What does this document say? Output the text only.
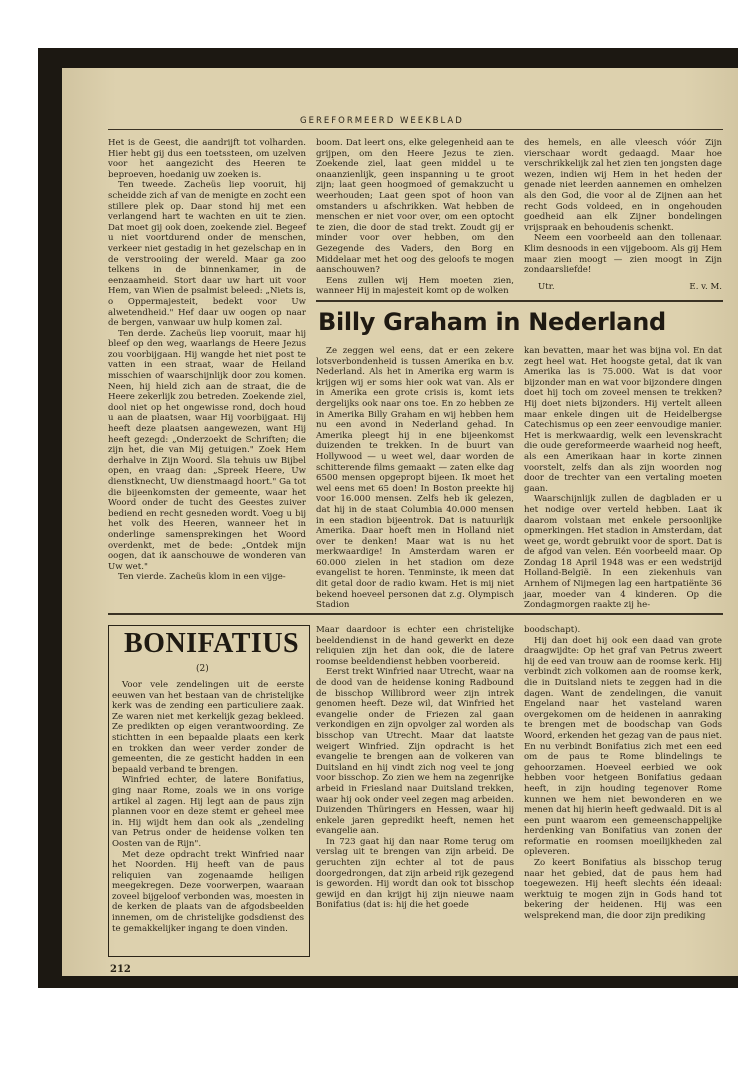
GEREFORMEERD WEEKBLAD

Het is de Geest, die aandrijft tot volharden. Hier hebt gij dus een toetssteen, om uzelven voor het aangezicht des Heeren te beproeven, hoedanig uw zoeken is.

Ten tweede. Zacheüs liep vooruit, hij scheidde zich af van de menigte en zocht een stillere plek op. Daar stond hij met een verlangend hart te wachten en uit te zien. Dat moet gij ook doen, zoekende ziel. Begeef u niet voortdurend onder de menschen, verkeer niet gestadig in het gezelschap en in de verstrooiing der wereld. Maar ga zoo telkens in de binnenkamer, in de eenzaamheid. Stort daar uw hart uit voor Hem, van Wien de psalmist beleed: „Niets is, o Oppermajesteit, bedekt voor Uw alwetendheid." Hef daar uw oogen op naar de bergen, vanwaar uw hulp komen zal.

Ten derde. Zacheüs liep vooruit, maar hij bleef op den weg, waarlangs de Heere Jezus zou voorbijgaan. Hij wangde het niet post te vatten in een straat, waar de Heiland misschien of waarschijnlijk door zou komen. Neen, hij hield zich aan de straat, die de Heere zekerlijk zou betreden. Zoekende ziel, dool niet op het ongewisse rond, doch houd u aan de plaatsen, waar Hij voorbijgaat. Hij heeft deze plaatsen aangewezen, want Hij heeft gezegd: „Onderzoekt de Schriften; die zijn het, die van Mij getuigen." Zoek Hem derhalve in Zijn Woord. Sla tehuis uw Bijbel open, en vraag dan: „Spreek Heere, Uw dienstknecht, Uw dienstmaagd hoort." Ga tot die bijeenkomsten der gemeente, waar het Woord onder de tucht des Geestes zuiver bediend en recht gesneden wordt. Voeg u bij het volk des Heeren, wanneer het in onderlinge samensprekingen het Woord overdenkt, met de bede: „Ontdek mijn oogen, dat ik aanschouwe de wonderen van Uw wet."

Ten vierde. Zacheüs klom in een vijge-

boom. Dat leert ons, elke gelegenheid aan te grijpen, om den Heere Jezus te zien. Zoekende ziel, laat geen middel u te onaanzienlijk, geen inspanning u te groot zijn; laat geen hoogmoed of gemakzucht u weerhouden; Laat geen spot of hoon van omstanders u afschrikken. Wat hebben de menschen er niet voor over, om een optocht te zien, die door de stad trekt. Zoudt gij er minder voor over hebben, om den Gezegende des Vaders, den Borg en Middelaar met het oog des geloofs te mogen aanschouwen?

Eens zullen wij Hem moeten zien, wanneer Hij in majesteit komt op de wolken

des hemels, en alle vleesch vóór Zijn vierschaar wordt gedaagd. Maar hoe verschrikkelijk zal het zien ten jongsten dage wezen, indien wij Hem in het heden der genade niet leerden aannemen en omhelzen als den God, die voor al de Zijnen aan het recht Gods voldeed, en in ongehouden goedheid aan elk Zijner bondelingen vrijspraak en behoudenis schenkt.

Neem een voorbeeld aan den tollenaar. Klim desnoods in een vijgeboom. Als gij Hem maar zien moogt — zien moogt in Zijn zondaarsliefde!

Utr.	E. v. M.
Billy Graham in Nederland

Ze zeggen wel eens, dat er een zekere lotsverbondenheid is tussen Amerika en b.v. Nederland. Als het in Amerika erg warm is krijgen wij er soms hier ook wat van. Als er in Amerika een grote crisis is, komt iets dergelijks ook naar ons toe. En zo hebben ze in Amerika Billy Graham en wij hebben hem nu een avond in Nederland gehad. In Amerika pleegt hij in ene bijeenkomst duizenden te trekken. In de buurt van Hollywood — u weet wel, daar worden de schitterende films gemaakt — zaten elke dag 6500 mensen opgepropt bijeen. Ik moet het wel eens met 65 doen! In Boston preekte hij voor 16.000 mensen. Zelfs heb ik gelezen, dat hij in de staat Columbia 40.000 mensen in een stadion bijeentrok. Dat is natuurlijk Amerika. Daar hoeft men in Holland niet over te denken! Maar wat is nu het merkwaardige! In Amsterdam waren er 60.000 zielen in het stadion om deze evangelist te horen. Tenminste, ik meen dat dit getal door de radio kwam. Het is mij niet bekend hoeveel personen dat z.g. Olympisch Stadion

kan bevatten, maar het was bijna vol. En dat zegt heel wat. Het hoogste getal, dat ik van Amerika las is 75.000. Wat is dat voor bijzonder man en wat voor bijzondere dingen doet hij toch om zoveel mensen te trekken? Hij doet niets bijzonders. Hij vertelt alleen maar enkele dingen uit de Heidelbergse Catechismus op een zeer eenvoudige manier. Het is merkwaardig, welk een levenskracht die oude gereformeerde waarheid nog heeft, als een Amerikaan haar in korte zinnen voorstelt, zelfs dan als zijn woorden nog door de trechter van een vertaling moeten gaan.

Waarschijnlijk zullen de dagbladen er u het nodige over verteld hebben. Laat ik daarom volstaan met enkele persoonlijke opmerkingen. Het stadion in Amsterdam, dat weet ge, wordt gebruikt voor de sport. Dat is de afgod van velen. Eén voorbeeld maar. Op Zondag 18 April 1948 was er een wedstrijd Holland-België. In een ziekenhuis van Arnhem of Nijmegen lag een hartpatiënte 36 jaar, moeder van 4 kinderen. Op die Zondagmorgen raakte zij he-

BONIFATIUS
(2)

Voor vele zendelingen uit de eerste eeuwen van het bestaan van de christelijke kerk was de zending een particuliere zaak. Ze waren niet met kerkelijk gezag bekleed. Ze predikten op eigen verantwoording. Ze stichtten in een bepaalde plaats een kerk en trokken dan weer verder zonder de gemeenten, die ze gesticht hadden in een bepaald verband te brengen.

Winfried echter, de latere Bonifatius, ging naar Rome, zoals we in ons vorige artikel al zagen. Hij legt aan de paus zijn plannen voor en deze stemt er geheel mee in. Hij wijdt hem dan ook als „zendeling van Petrus onder de heidense volken ten Oosten van de Rijn".

Met deze opdracht trekt Winfried naar het Noorden. Hij heeft van de paus reliquien van zogenaamde heiligen meegekregen. Deze voorwerpen, waaraan zoveel bijgeloof verbonden was, moesten in de kerken de plaats van de afgodsbeelden innemen, om de christelijke godsdienst des te gemakkelijker ingang te doen vinden.

Maar daardoor is echter een christelijke beeldendienst in de hand gewerkt en deze reliquien zijn het dan ook, die de latere roomse beeldendienst hebben voorbereid.

Eerst trekt Winfried naar Utrecht, waar na de dood van de heidense koning Radbound de bisschop Willibrord weer zijn intrek genomen heeft. Deze wil, dat Winfried het evangelie onder de Friezen zal gaan verkondigen en zijn opvolger zal worden als bisschop van Utrecht. Maar dat laatste weigert Winfried. Zijn opdracht is het evangelie te brengen aan de volkeren van Duitsland en hij vindt zich nog veel te jong voor bisschop. Zo zien we hem na zegenrijke arbeid in Friesland naar Duitsland trekken, waar hij ook onder veel zegen mag arbeiden. Duizenden Thüringers en Hessen, waar hij enkele jaren gepredikt heeft, nemen het evangelie aan.

In 723 gaat hij dan naar Rome terug om verslag uit te brengen van zijn arbeid. De geruchten zijn echter al tot de paus doorgedrongen, dat zijn arbeid rijk gezegend is geworden. Hij wordt dan ook tot bisschop gewijd en dan krijgt hij zijn nieuwe naam Bonifatius (dat is: hij die het goede

boodschapt).

Hij dan doet hij ook een daad van grote draagwijdte: Op het graf van Petrus zweert hij de eed van trouw aan de roomse kerk. Hij verbindt zich volkomen aan de roomse kerk, die in Duitsland niets te zeggen had in die dagen. Want de zendelingen, die vanuit Engeland naar het vasteland waren overgekomen om de heidenen in aanraking te brengen met de boodschap van Gods Woord, erkenden het gezag van de paus niet. En nu verbindt Bonifatius zich met een eed om de paus te Rome blindelings te gehoorzamen. Hoeveel eerbied we ook hebben voor hetgeen Bonifatius gedaan heeft, in zijn houding tegenover Rome kunnen we hem niet bewonderen en we menen dat hij hierin heeft gedwaald. Dit is al een punt waarom een gemeenschappelijke herdenking van Bonifatius van zonen der reformatie en roomsen moeilijkheden zal opleveren.

Zo keert Bonifatius als bisschop terug naar het gebied, dat de paus hem had toegewezen. Hij heeft slechts één ideaal: werktuig te mogen zijn in Gods hand tot bekering der heidenen. Hij was een welsprekend man, die door zijn prediking

212
